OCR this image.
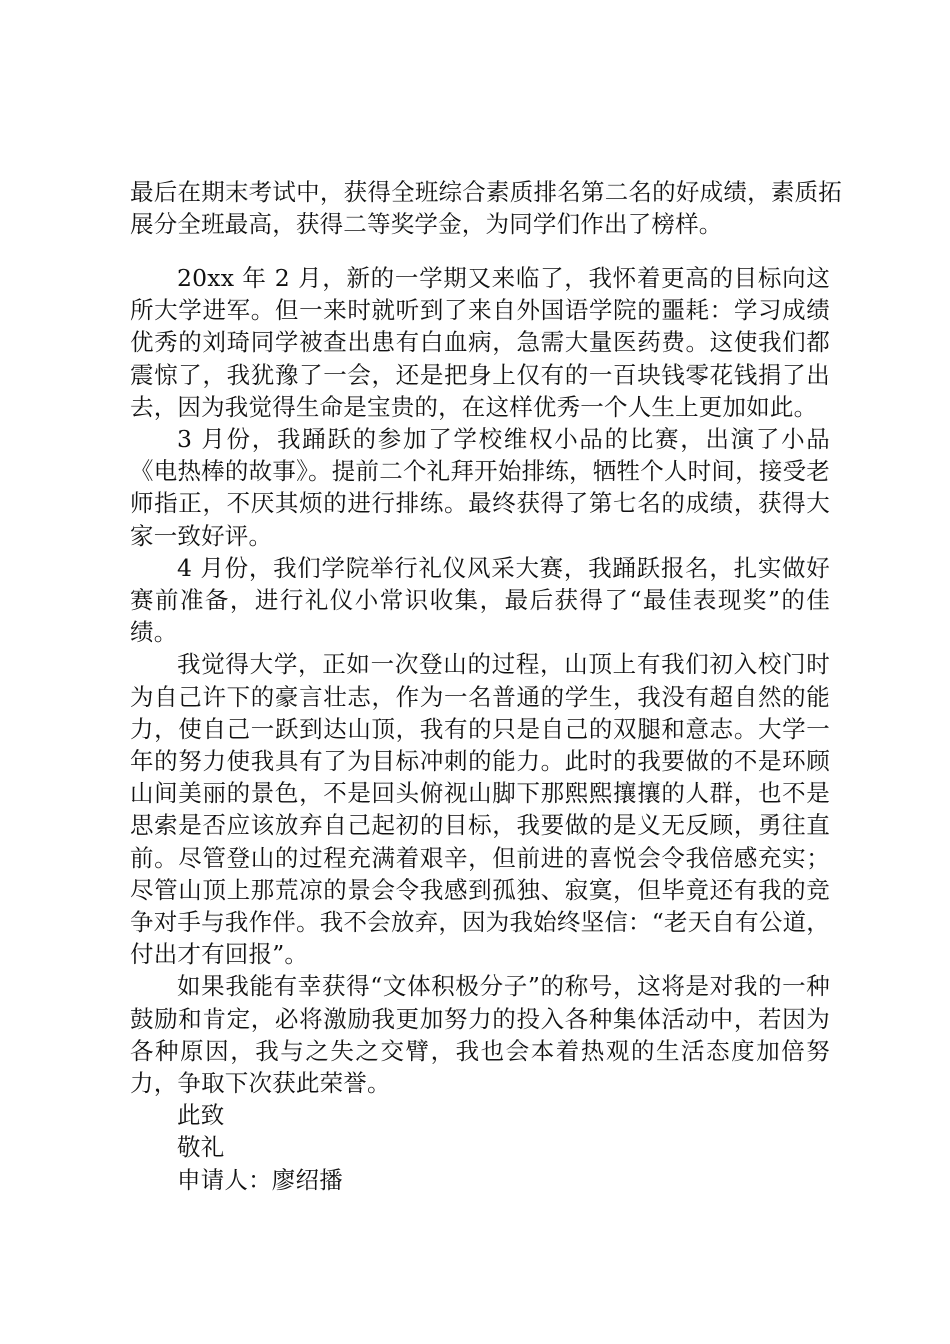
最后在期末考试中，获得全班综合素质排名第二名的好成绩，素质拓展分全班最高，获得二等奖学金，为同学们作出了榜样。

20xx 年 2 月，新的一学期又来临了，我怀着更高的目标向这所大学进军。但一来时就听到了来自外国语学院的噩耗：学习成绩优秀的刘琦同学被查出患有白血病，急需大量医药费。这使我们都震惊了，我犹豫了一会，还是把身上仅有的一百块钱零花钱捐了出去，因为我觉得生命是宝贵的，在这样优秀一个人生上更加如此。

3 月份，我踊跃的参加了学校维权小品的比赛，出演了小品《电热棒的故事》。提前二个礼拜开始排练，牺牲个人时间，接受老师指正，不厌其烦的进行排练。最终获得了第七名的成绩，获得大家一致好评。

4 月份，我们学院举行礼仪风采大赛，我踊跃报名，扎实做好赛前准备，进行礼仪小常识收集，最后获得了“最佳表现奖”的佳绩。

我觉得大学，正如一次登山的过程，山顶上有我们初入校门时为自己许下的豪言壮志，作为一名普通的学生，我没有超自然的能力，使自己一跃到达山顶，我有的只是自己的双腿和意志。大学一年的努力使我具有了为目标冲刺的能力。此时的我要做的不是环顾山间美丽的景色，不是回头俯视山脚下那熙熙攘攘的人群，也不是思索是否应该放弃自己起初的目标，我要做的是义无反顾，勇往直前。尽管登山的过程充满着艰辛，但前进的喜悦会令我倍感充实；尽管山顶上那荒凉的景会令我感到孤独、寂寞，但毕竟还有我的竞争对手与我作伴。我不会放弃，因为我始终坚信：“老天自有公道，付出才有回报”。

如果我能有幸获得“文体积极分子”的称号，这将是对我的一种鼓励和肯定，必将激励我更加努力的投入各种集体活动中，若因为各种原因，我与之失之交臂，我也会本着热观的生活态度加倍努力，争取下次获此荣誉。

此致

敬礼

申请人：廖绍播
